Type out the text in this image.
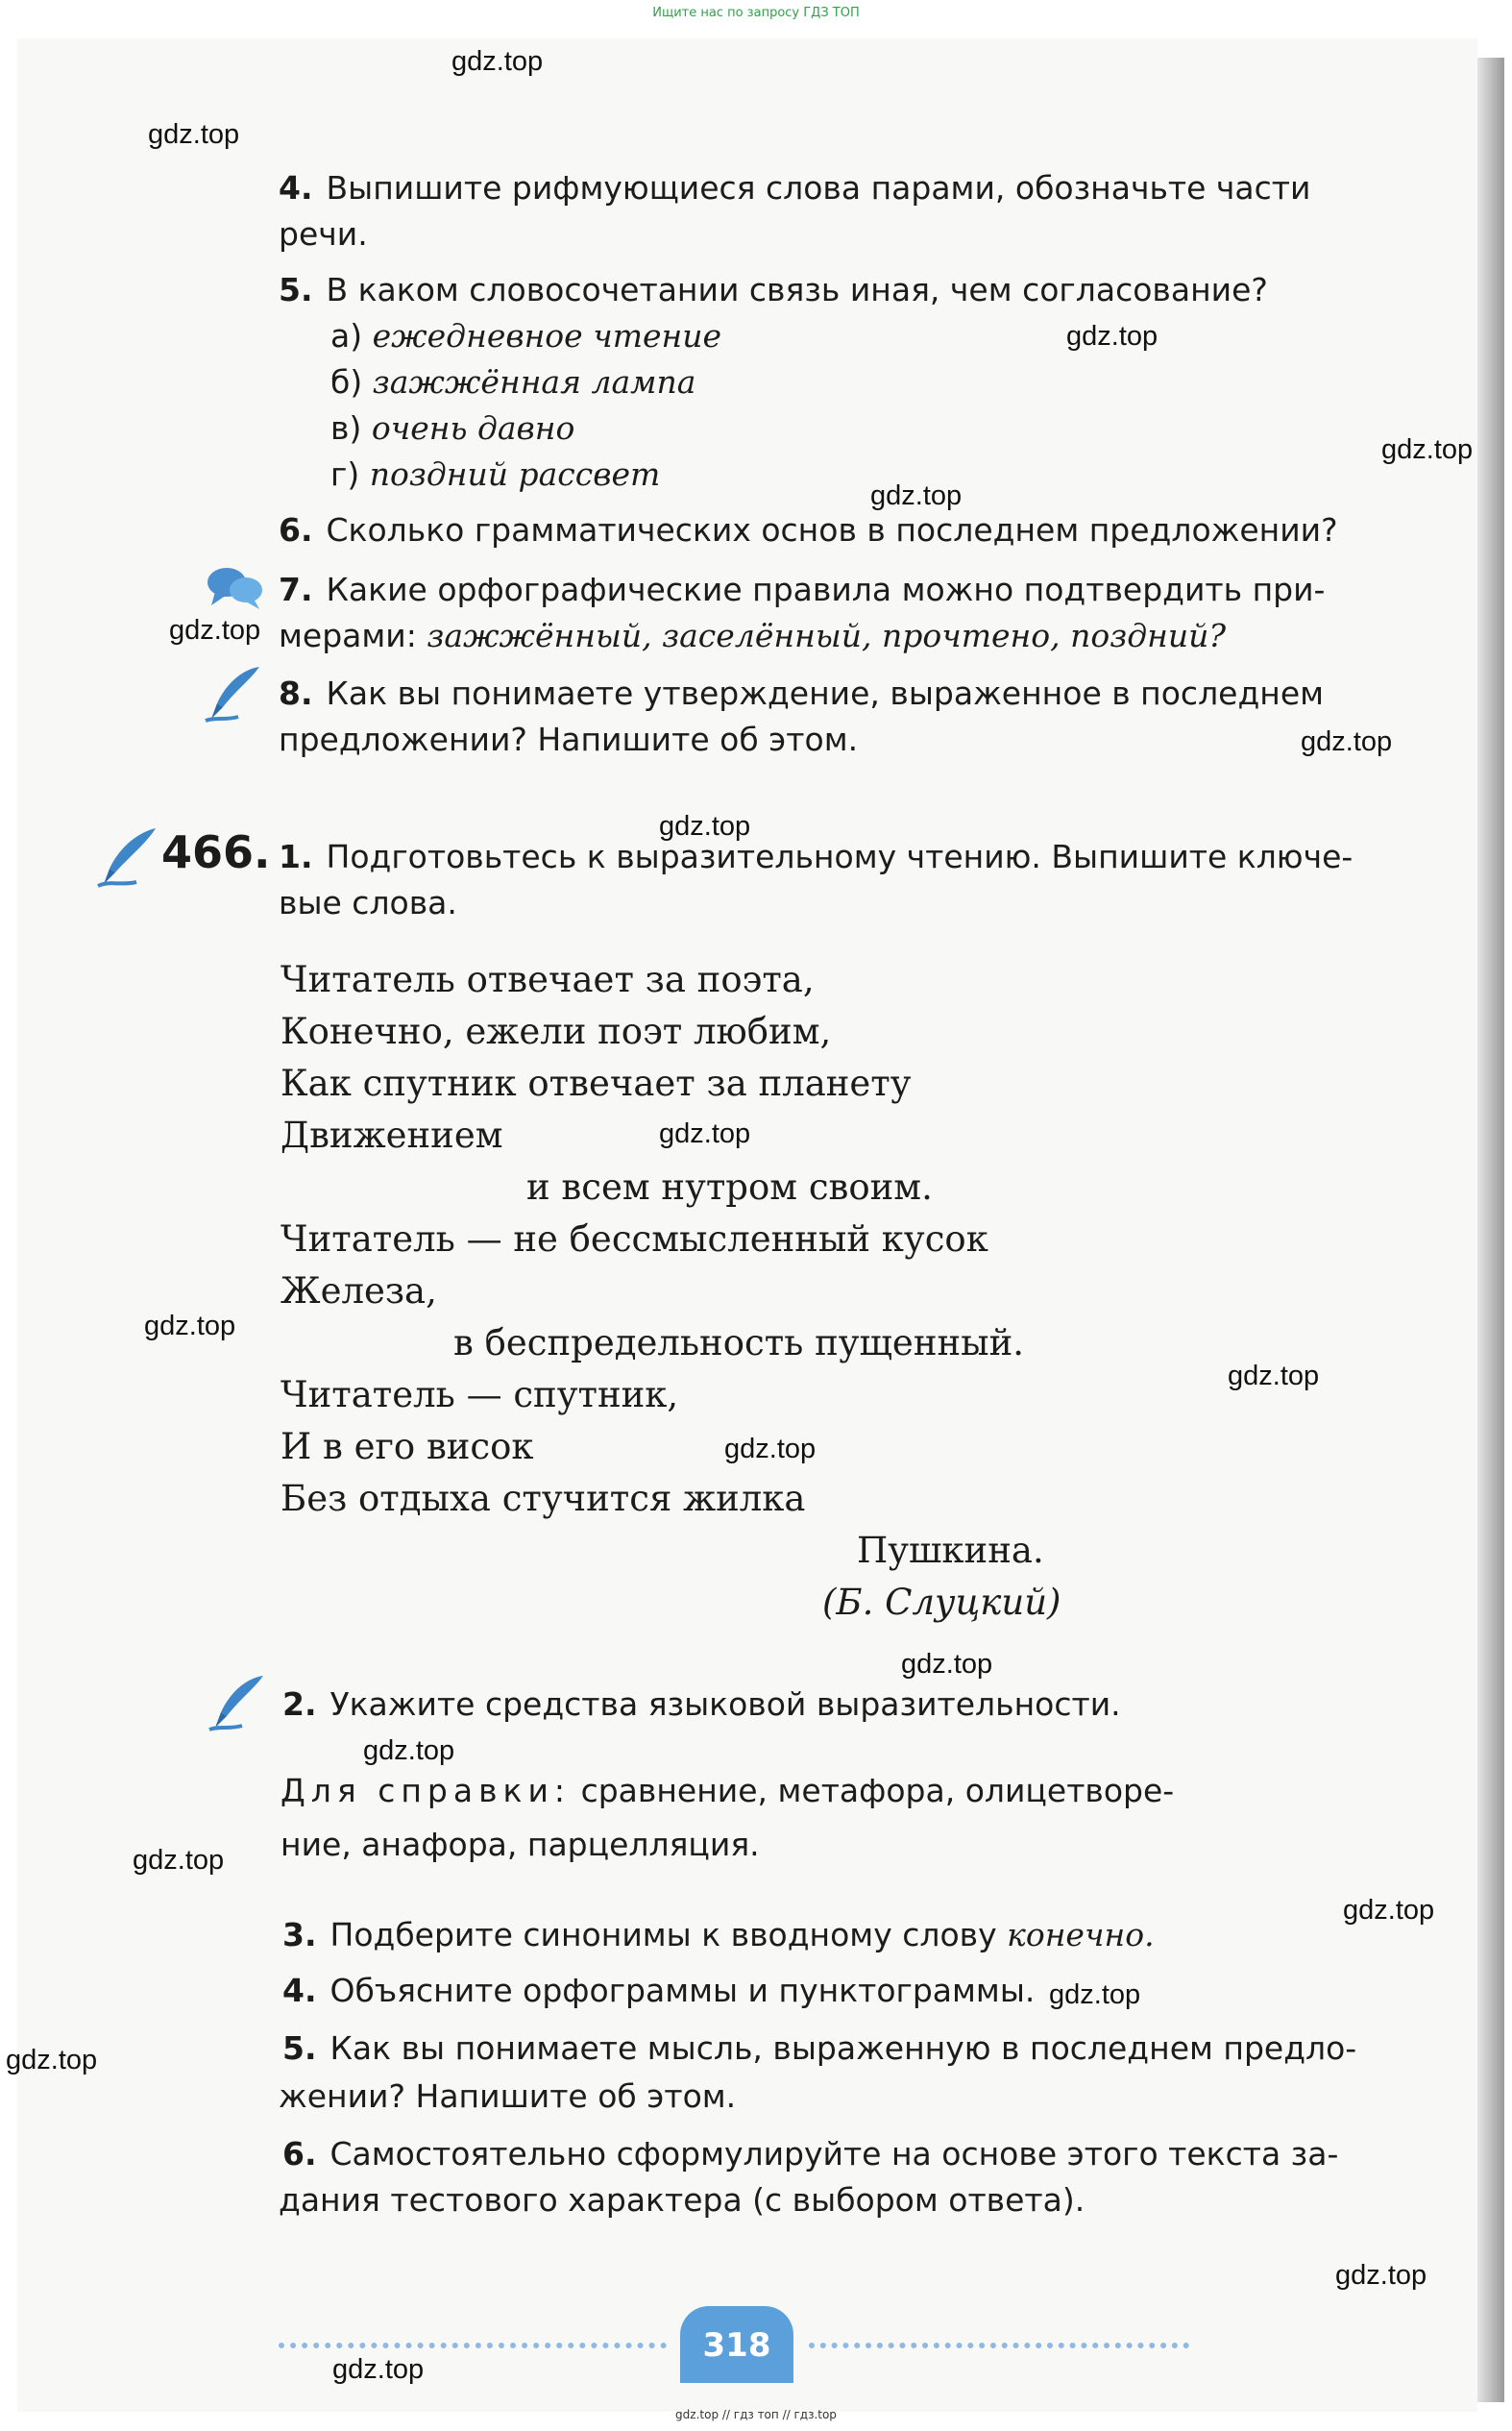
Ищите нас по запросу ГДЗ ТОП
4. Выпишите рифмующиеся слова парами, обозначьте части
речи.
5. В каком словосочетании связь иная, чем согласование?
а) ежедневное чтение
б) зажжённая лампа
в) очень давно
г) поздний рассвет
6. Сколько грамматических основ в последнем предложении?
7. Какие орфографические правила можно подтвердить при-
мерами: зажжённый, заселённый, прочтено, поздний?
8. Как вы понимаете утверждение, выраженное в последнем
предложении? Напишите об этом.
466. 1. Подготовьтесь к выразительному чтению. Выпишите ключе-
вые слова.
Читатель отвечает за поэта,
Конечно, ежели поэт любим,
Как спутник отвечает за планету
Движением
и всем нутром своим.
Читатель — не бессмысленный кусок
Железа,
в беспредельность пущенный.
Читатель — спутник,
И в его висок
Без отдыха стучится жилка
Пушкина.
(Б. Слуцкий)
2. Укажите средства языковой выразительности.
Для справки: сравнение, метафора, олицетворе-
ние, анафора, парцелляция.
3. Подберите синонимы к вводному слову конечно.
4. Объясните орфограммы и пунктограммы.
5. Как вы понимаете мысль, выраженную в последнем предло-
жении? Напишите об этом.
6. Самостоятельно сформулируйте на основе этого текста за-
дания тестового характера (с выбором ответа).
318
gdz.top
gdz.top
gdz.top
gdz.top
gdz.top
gdz.top
gdz.top
gdz.top
gdz.top
gdz.top
gdz.top
gdz.top
gdz.top
gdz.top
gdz.top
gdz.top
gdz.top
gdz.top
gdz.top
gdz.top
gdz.top // гдз топ // гдз.top
